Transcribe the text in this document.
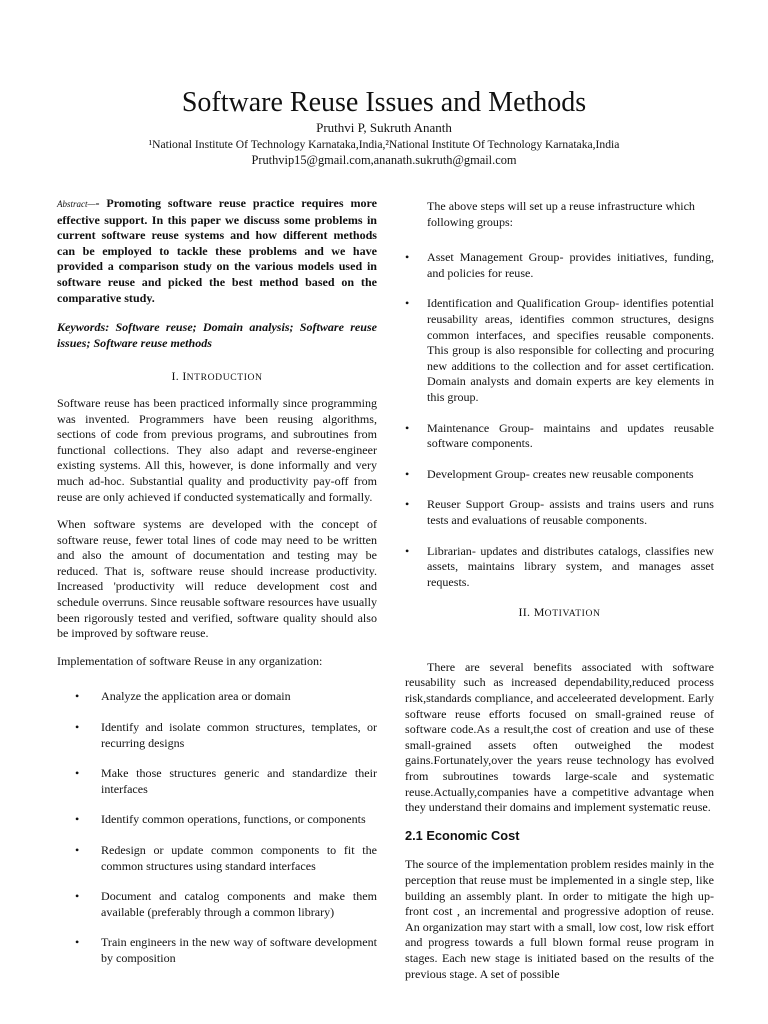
Software Reuse Issues and Methods
Pruthvi P, Sukruth Ananth
¹National Institute Of Technology Karnataka,India,²National Institute Of Technology Karnataka,India
Pruthvip15@gmail.com,ananath.sukruth@gmail.com

Abstract—- Promoting software reuse practice requires more effective support. In this paper we discuss some problems in current software reuse systems and how different methods can be employed to tackle these problems and we have provided a comparison study on the various models used in software reuse and picked the best method based on the comparative study.

Keywords: Software reuse; Domain analysis; Software reuse issues; Software reuse methods

I. INTRODUCTION

Software reuse has been practiced informally since programming was invented. Programmers have been reusing algorithms, sections of code from previous programs, and subroutines from functional collections. They also adapt and reverse-engineer existing systems. All this, however, is done informally and very much ad-hoc. Substantial quality and productivity pay-off from reuse are only achieved if conducted systematically and formally.

When software systems are developed with the concept of software reuse, fewer total lines of code may need to be written and also the amount of documentation and testing may be reduced. That is, software reuse should increase productivity. Increased 'productivity will reduce development cost and schedule overruns. Since reusable software resources have usually been rigorously tested and verified, software quality should also be improved by software reuse.

Implementation of software Reuse in any organization:

• Analyze the application area or domain
• Identify and isolate common structures, templates, or recurring designs
• Make those structures generic and standardize their interfaces
• Identify common operations, functions, or components
• Redesign or update common components to fit the common structures using standard interfaces
• Document and catalog components and make them available (preferably through a common library)
• Train engineers in the new way of software development by composition

The above steps will set up a reuse infrastructure which following groups:

• Asset Management Group- provides initiatives, funding, and policies for reuse.
• Identification and Qualification Group- identifies potential reusability areas, identifies common structures, designs common interfaces, and specifies reusable components. This group is also responsible for collecting and procuring new additions to the collection and for asset certification. Domain analysts and domain experts are key elements in this group.
• Maintenance Group- maintains and updates reusable software components.
• Development Group- creates new reusable components
• Reuser Support Group- assists and trains users and runs tests and evaluations of reusable components.
• Librarian- updates and distributes catalogs, classifies new assets, maintains library system, and manages asset requests.
II. MOTIVATION

There are several benefits associated with software reusability such as increased dependability,reduced process risk,standards compliance, and acceleerated development. Early software reuse efforts focused on small-grained reuse of software code.As a result,the cost of creation and use of these small-grained assets often outweighed the modest gains.Fortunately,over the years reuse technology has evolved from subroutines towards large-scale and systematic reuse.Actually,companies have a competitive advantage when they understand their domains and implement systematic reuse.

2.1 Economic Cost

The source of the implementation problem resides mainly in the perception that reuse must be implemented in a single step, like building an assembly plant. In order to mitigate the high up-front cost , an incremental and progressive adoption of reuse. An organization may start with a small, low cost, low risk effort and progress towards a full blown formal reuse program in stages. Each new stage is initiated based on the results of the previous stage. A set of possible
